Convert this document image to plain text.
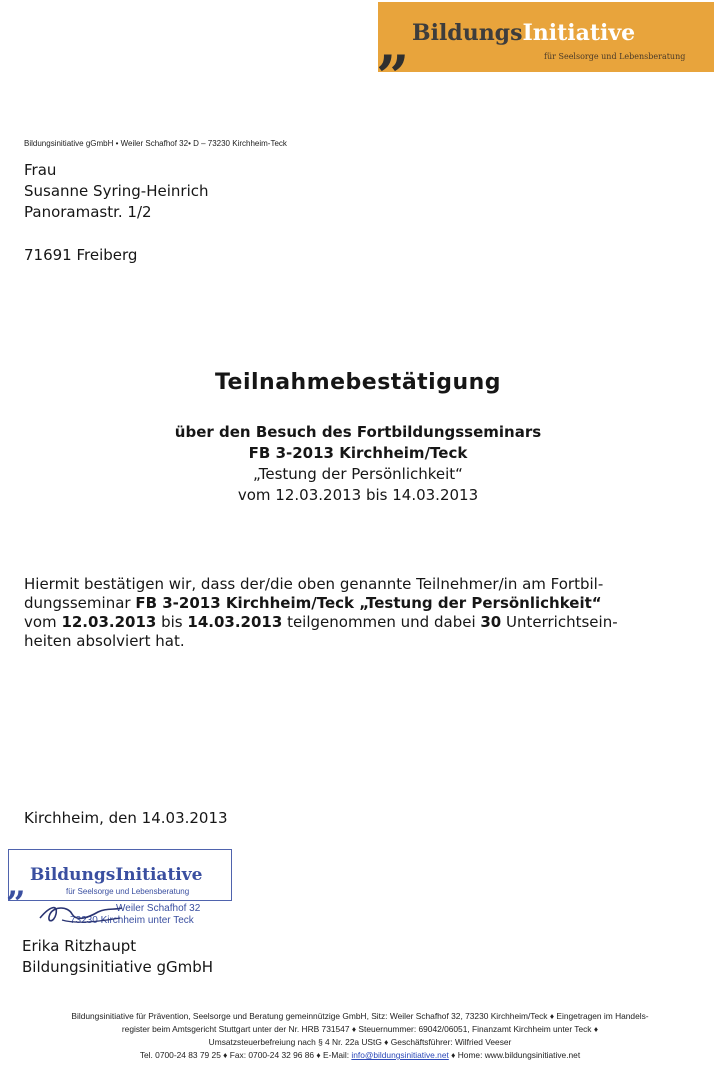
BildungsInitiative
für Seelsorge und Lebensberatung
”
Bildungsinitiative gGmbH • Weiler Schafhof 32• D – 73230 Kirchheim-Teck
Frau
Susanne Syring-Heinrich
Panoramastr. 1/2
71691 Freiberg
Teilnahmebestätigung
über den Besuch des Fortbildungsseminars
FB 3-2013 Kirchheim/Teck
„Testung der Persönlichkeit“
vom 12.03.2013 bis 14.03.2013
Hiermit bestätigen wir, dass der/die oben genannte Teilnehmer/in am Fortbil-
dungsseminar FB 3-2013 Kirchheim/Teck „Testung der Persönlichkeit“
vom 12.03.2013 bis 14.03.2013 teilgenommen und dabei 30 Unterrichtsein-
heiten absolviert hat.
Kirchheim, den 14.03.2013
BildungsInitiative
für Seelsorge und Lebensberatung
”	Weiler Schafhof 32
73230 Kirchheim unter Teck
Erika Ritzhaupt
Bildungsinitiative gGmbH
Bildungsinitiative für Prävention, Seelsorge und Beratung gemeinnützige GmbH, Sitz: Weiler Schafhof 32, 73230 Kirchheim/Teck ♦ Eingetragen im Handels-
register beim Amtsgericht Stuttgart unter der Nr. HRB 731547 ♦ Steuernummer: 69042/06051, Finanzamt Kirchheim unter Teck ♦
Umsatzsteuerbefreiung nach § 4 Nr. 22a UStG ♦ Geschäftsführer: Wilfried Veeser
Tel. 0700-24 83 79 25 ♦ Fax: 0700-24 32 96 86 ♦ E-Mail: info@bildungsinitiative.net ♦ Home: www.bildungsinitiative.net
